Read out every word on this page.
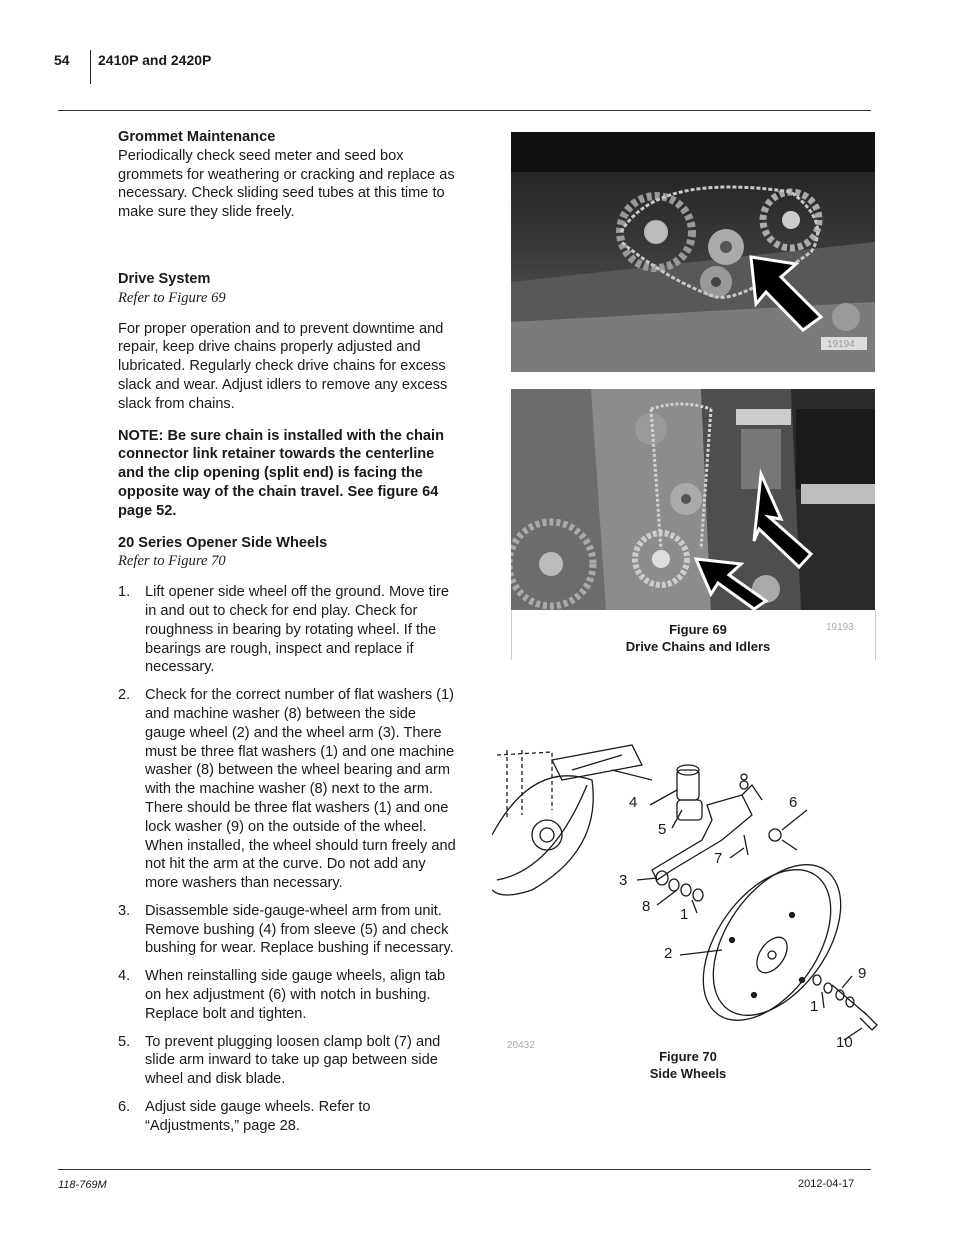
54 2410P and 2420P

Grommet Maintenance

Periodically check seed meter and seed box grommets for weathering or cracking and replace as necessary. Check sliding seed tubes at this time to make sure they slide freely.

Drive System

Refer to Figure 69

For proper operation and to prevent downtime and repair, keep drive chains properly adjusted and lubricated. Regularly check drive chains for excess slack and wear. Adjust idlers to remove any excess slack from chains.

NOTE: Be sure chain is installed with the chain connector link retainer towards the centerline and the clip opening (split end) is facing the opposite way of the chain travel. See figure 64 page 52.

20 Series Opener Side Wheels

Refer to Figure 70

1. Lift opener side wheel off the ground. Move tire in and out to check for end play. Check for roughness in bearing by rotating wheel. If the bearings are rough, inspect and replace if necessary.
2. Check for the correct number of flat washers (1) and machine washer (8) between the side gauge wheel (2) and the wheel arm (3). There must be three flat washers (1) and one machine washer (8) between the wheel bearing and arm with the machine washer (8) next to the arm. There should be three flat washers (1) and one lock washer (9) on the outside of the wheel. When installed, the wheel should turn freely and not hit the arm at the curve. Do not add any more washers than necessary.
3. Disassemble side-gauge-wheel arm from unit. Remove bushing (4) from sleeve (5) and check bushing for wear. Replace bushing if necessary.
4. When reinstalling side gauge wheels, align tab on hex adjustment (6) with notch in bushing. Replace bolt and tighten.
5. To prevent plugging loosen clamp bolt (7) and slide arm inward to take up gap between side wheel and disk blade.
6. Adjust side gauge wheels. Refer to “Adjustments,” page 28.
19194
19193
Figure 69
Drive Chains and Idlers
4
5
6
7
3
8 1
2
9
1
10
20432
Figure 70
Side Wheels
118-769M	2012-04-17
